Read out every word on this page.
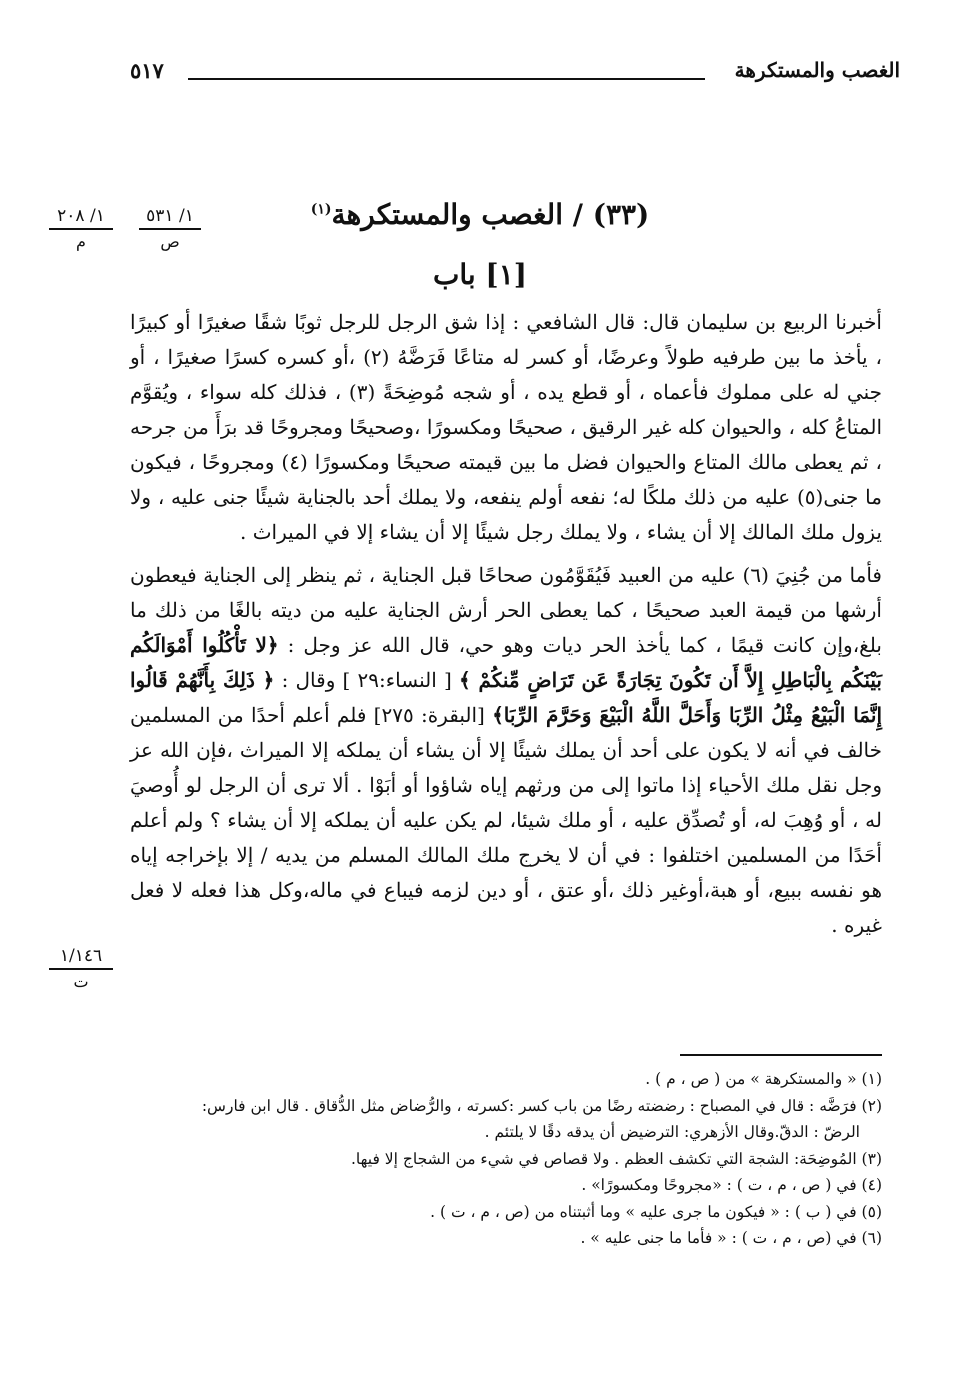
الغصب والمستكرهة
٥١٧
١/ ٢٠٨
م
١/ ٥٣١
ص
١/١٤٦
ت
(٣٣) / الغصب والمستكرهة$^{(١)}$
[١] باب

أخبرنا الربيع بن سليمان قال: قال الشافعي : إذا شق الرجل للرجل ثوبًا شقًا صغيرًا أو كبيرًا ، يأخذ ما بين طرفيه طولاً وعرضًا، أو كسر له متاعًا فَرَضَّهُ (٢) ،أو كسره كسرًا صغيرًا ، أو جني له على مملوك فأعماه ، أو قطع يده ، أو شجه مُوضِحَةً (٣) ، فذلك كله سواء ، ويُقوَّم المتاعُ كله ، والحيوان كله غير الرقيق ، صحيحًا ومكسورًا ،وصحيحًا ومجروحًا قد برَأَ من جرحه ، ثم يعطى مالك المتاع والحيوان فضل ما بين قيمته صحيحًا ومكسورًا (٤) ومجروحًا ، فيكون ما جنى(٥) عليه من ذلك ملكًا له؛ نفعه أولم ينفعه، ولا يملك أحد بالجناية شيئًا جنى عليه ، ولا يزول ملك المالك إلا أن يشاء ، ولا يملك رجل شيئًا إلا أن يشاء إلا في الميراث .

فأما من جُنِيَ (٦) عليه من العبيد فَيُقَوَّمُون صحاحًا قبل الجناية ، ثم ينظر إلى الجناية فيعطون أرشها من قيمة العبد صحيحًا ، كما يعطى الحر أرش الجناية عليه من ديته بالغًا من ذلك ما بلغ،وإن كانت قيمًا ، كما يأخذ الحر ديات وهو حي، قال الله عز وجل : ﴿لا تَأْكُلُوا أَمْوَالَكُم بَيْنَكُم بِالْبَاطِلِ إِلاَّ أَن تَكُونَ تِجَارَةً عَن تَرَاضٍ مِّنكُمْ ﴾ [ النساء:٢٩ ] وقال : ﴿ ذَلِكَ بِأَنَّهُمْ قَالُوا إِنَّمَا الْبَيْعُ مِثْلُ الرِّبَا وَأَحَلَّ اللَّهُ الْبَيْعَ وَحَرَّمَ الرِّبَا﴾ [البقرة: ٢٧٥] فلم أعلم أحدًا من المسلمين خالف في أنه لا يكون على أحد أن يملك شيئًا إلا أن يشاء أن يملكه إلا الميراث ،فإن الله عز وجل نقل ملك الأحياء إذا ماتوا إلى من ورثهم إياه شاؤوا أو أبَوْا . ألا ترى أن الرجل لو أُوصيَ له ، أو وُهِبَ له، أو تُصدِّق عليه ، أو ملك شيئا، لم يكن عليه أن يملكه إلا أن يشاء ؟ ولم أعلم أحَدًا من المسلمين اختلفوا : في أن لا يخرج ملك المالك المسلم من يديه / إلا بإخراجه إياه هو نفسه ببيع، أو هبة،أوغير ذلك ،أو عتق ، أو دين لزمه فيباع في ماله،وكل هذا فعله لا فعل غيره .

(١) « والمستكرهة » من ( ص ، م ) .

(٢) فرَضَّه : قال في المصباح : رضضته رضًا من باب كسر :كسرته ، والرُّضاض مثل الدُّقاق . قال ابن فارس:

الرضّ : الدقّ.وقال الأزهري: الترضيض أن يدقه دقًا لا يلتئم .

(٣) المُوضِحَة: الشجة التي تكشف العظم . ولا قصاص في شيء من الشجاج إلا فيها.

(٤) في ( ص ، م ، ت ) : «مجروحًا ومكسورًا» .

(٥) في ( ب ) : « فيكون ما جرى عليه » وما أثبتناه من (ص ، م ، ت ) .

(٦) في (ص ، م ، ت ) : « فأما ما جنى عليه » .
